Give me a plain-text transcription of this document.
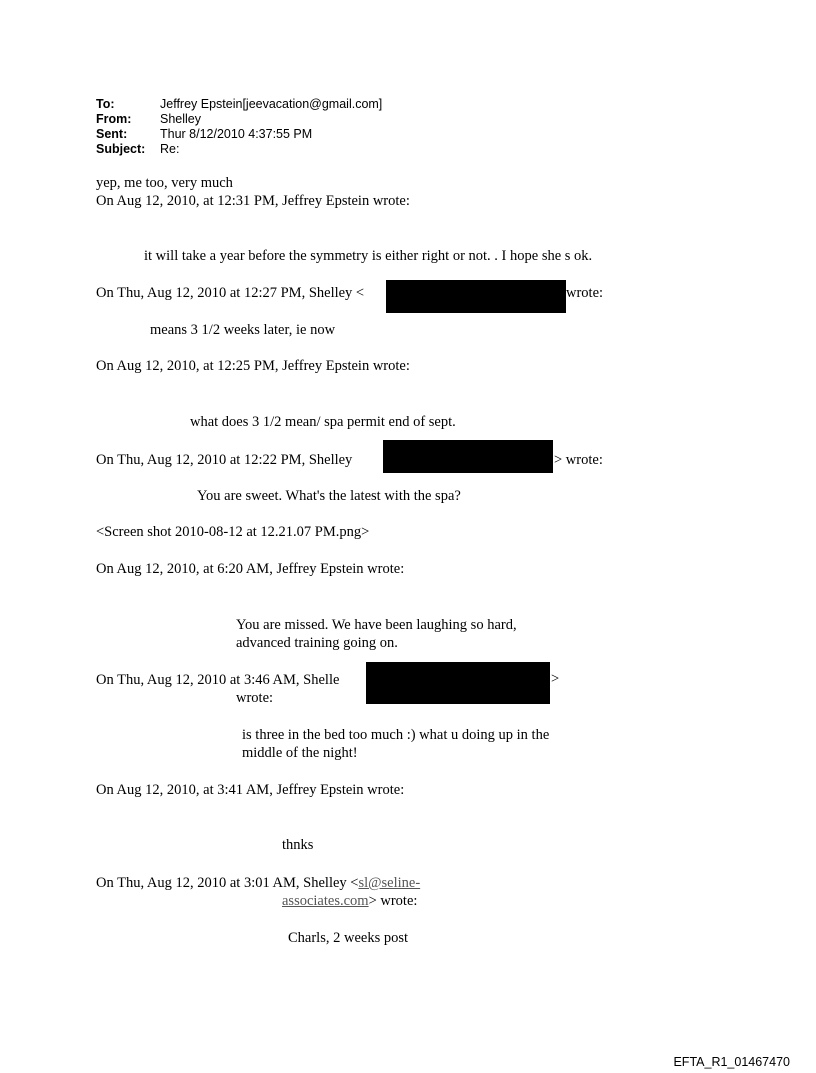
To:	Jeffrey Epstein[jeevacation@gmail.com]
From: Shelley
Sent:	Thur 8/12/2010 4:37:55 PM
Subject: Re:
yep, me too, very much
On Aug 12, 2010, at 12:31 PM, Jeffrey Epstein wrote:
it will take a year before the symmetry is either right or not. . I hope she s ok.
On Thu, Aug 12, 2010 at 12:27 PM, Shelley <	wrote:
means 3 1/2 weeks later, ie now
On Aug 12, 2010, at 12:25 PM, Jeffrey Epstein wrote:
what does 3 1/2 mean/ spa permit end of sept.
On Thu, Aug 12, 2010 at 12:22 PM, Shelley	> wrote:
You are sweet. What's the latest with the spa?
<Screen shot 2010-08-12 at 12.21.07 PM.png>
On Aug 12, 2010, at 6:20 AM, Jeffrey Epstein wrote:
You are missed. We have been laughing so hard,
advanced training going on.
On Thu, Aug 12, 2010 at 3:46 AM, Shelle	>
wrote:
is three in the bed too much :) what u doing up in the
middle of the night!
On Aug 12, 2010, at 3:41 AM, Jeffrey Epstein wrote:
thnks
On Thu, Aug 12, 2010 at 3:01 AM, Shelley <sl@seline-
associates.com> wrote:
Charls, 2 weeks post
EFTA_R1_01467470
